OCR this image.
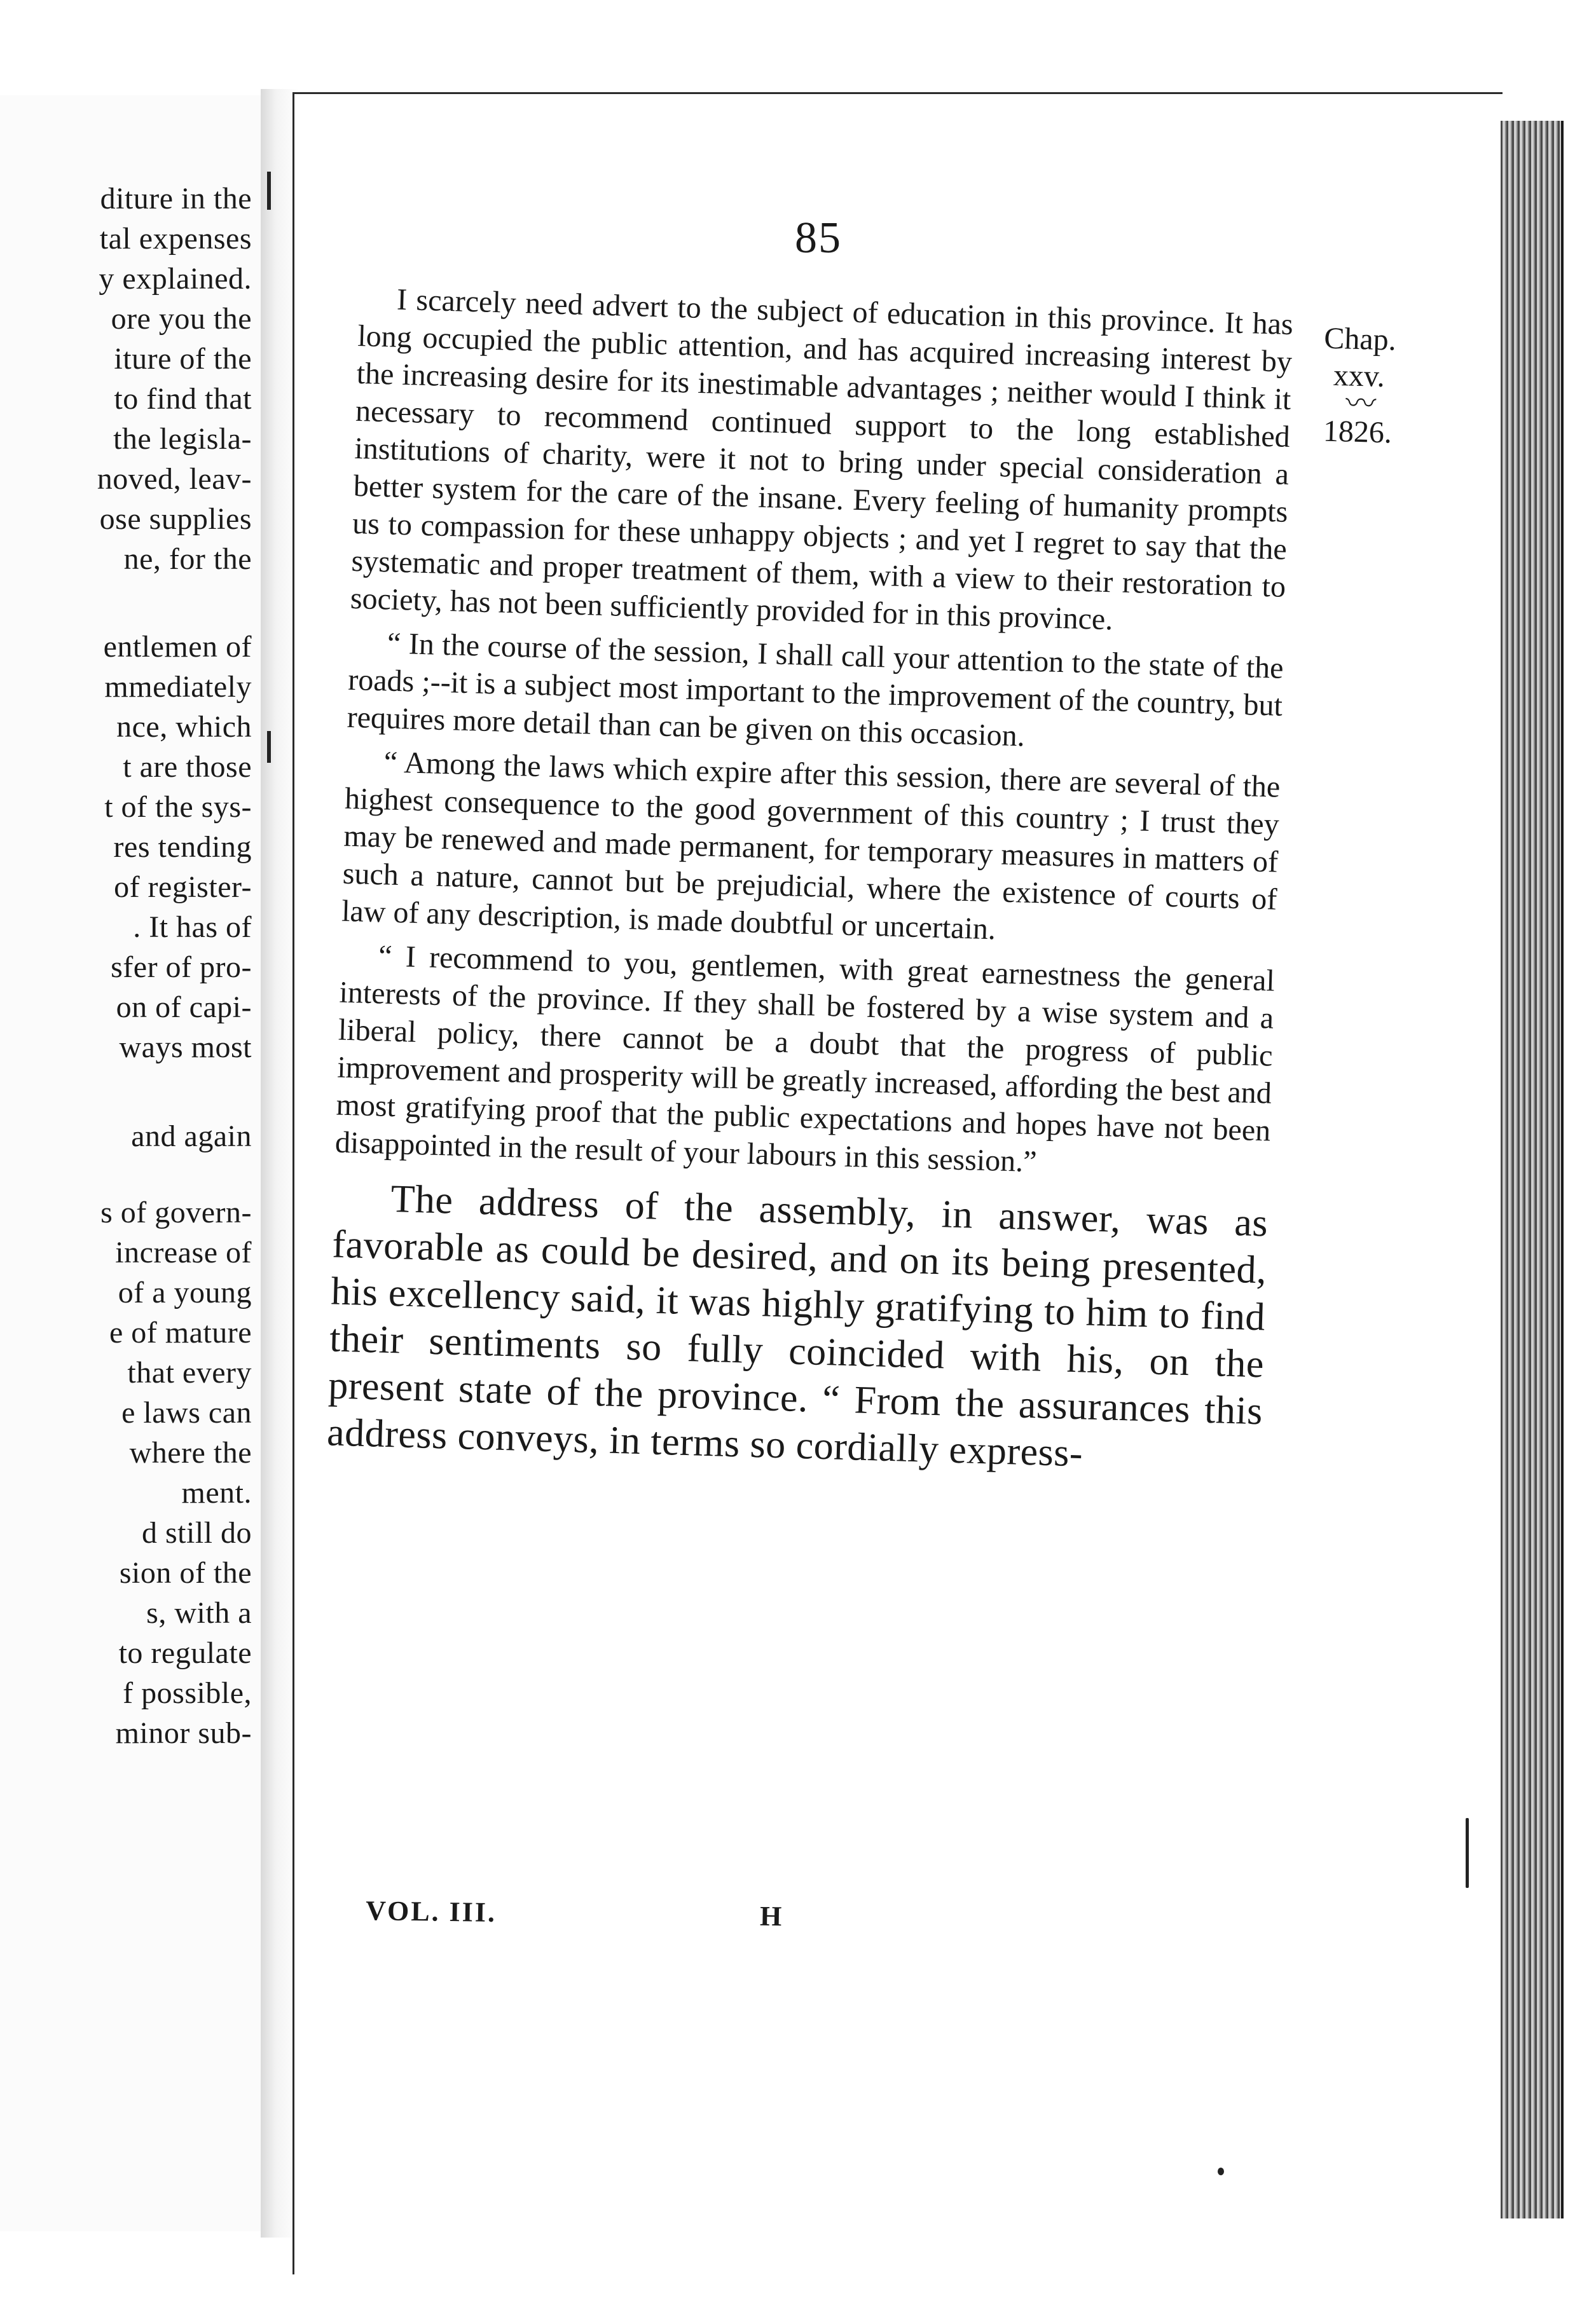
diture in the
tal expenses
y explained.
ore you the
iture of the
to find that
the legisla-
noved, leav-
ose supplies
ne, for the
entlemen of
mmediately
nce, which
t are those
t of the sys-
res tending
of register-
. It has of
sfer of pro-
on of capi-
ways most
and again
s of govern-
increase of
of a young
e of mature
that every
e laws can
where the
ment.
d still do
sion of the
s, with a
to regulate
f possible,
minor sub-
85
Chap.
xxv.
〰
1826.

I scarcely need advert to the subject of education in this province. It has long occupied the public attention, and has acquired increasing interest by the increasing desire for its inestimable advantages ; neither would I think it necessary to recommend continued support to the long established institutions of charity, were it not to bring under special consideration a better system for the care of the insane. Every feeling of humanity prompts us to compassion for these unhappy objects ; and yet I regret to say that the systematic and proper treatment of them, with a view to their restoration to society, has not been sufficiently provided for in this province.

“ In the course of the session, I shall call your attention to the state of the roads ;--it is a subject most important to the improvement of the country, but requires more detail than can be given on this occasion.

“ Among the laws which expire after this session, there are several of the highest consequence to the good government of this country ; I trust they may be renewed and made permanent, for temporary measures in matters of such a nature, cannot but be prejudicial, where the existence of courts of law of any description, is made doubtful or uncertain.

“ I recommend to you, gentlemen, with great earnestness the general interests of the province. If they shall be fostered by a wise system and a liberal policy, there cannot be a doubt that the progress of public improvement and prosperity will be greatly increased, affording the best and most gratifying proof that the public expectations and hopes have not been disappointed in the result of your labours in this session.”

The address of the assembly, in answer, was as favorable as could be desired, and on its being presented, his excellency said, it was highly gratifying to him to find their sentiments so fully coincided with his, on the present state of the province. “ From the assurances this address conveys, in terms so cordially express-

VOL. III.	H
